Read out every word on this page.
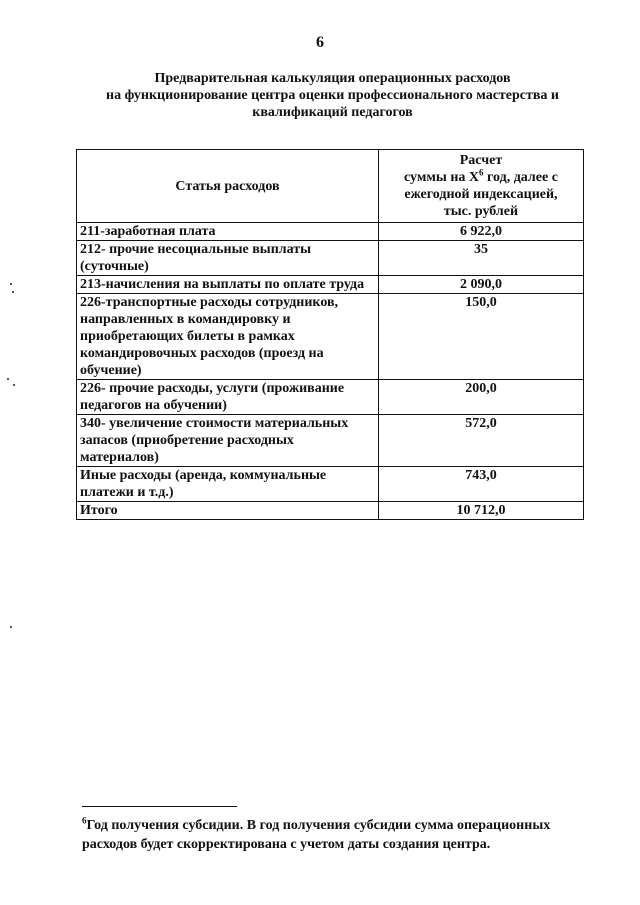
6
Предварительная калькуляция операционных расходов
на функционирование центра оценки профессионального мастерства и
квалификаций педагогов
Статья расходов	Расчет
суммы на $Х^6$ год, далее с
ежегодной индексацией,
тыс. рублей

211-заработная плата	6 922,0

212- прочие несоциальные выплаты
(суточные)	35

213-начисления на выплаты по оплате труда	2 090,0

226-транспортные расходы сотрудников,
направленных в командировку и
приобретающих билеты в рамках
командировочных расходов (проезд на
обучение)	150,0

226- прочие расходы, услуги (проживание
педагогов на обучении)	200,0

340- увеличение стоимости материальных
запасов (приобретение расходных
материалов)	572,0

Иные расходы (аренда, коммунальные
платежи и т.д.)	743,0

Итого	10 712,0
$^6$Год получения субсидии. В год получения субсидии сумма операционных
расходов будет скорректирована с учетом даты создания центра.
